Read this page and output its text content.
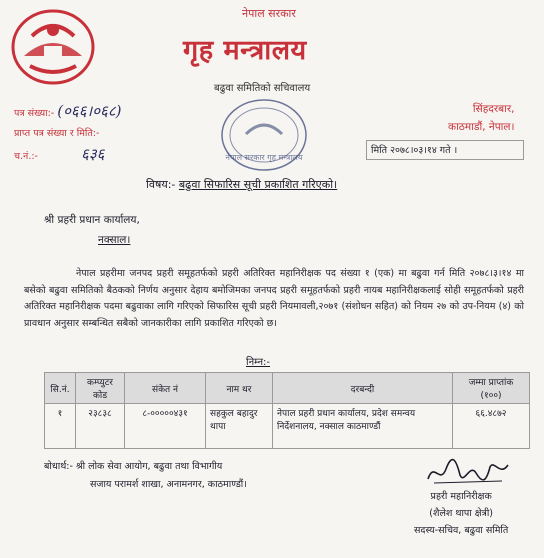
नेपाल सरकार
गृह मन्त्रालय
बढुवा समितिको सचिवालय
नेपाल सरकार गृह मन्त्रालय
पत्र संख्या:- (०६६।०६८)
प्राप्त पत्र संख्या र मिति:-
च.नं.:-	६३६
सिंहदरबार,
काठमाडौं, नेपाल।
मिति २०७८।०३।१४ गते ।
विषय:- बढुवा सिफारिस सूची प्रकाशित गरिएको।
श्री प्रहरी प्रधान कार्यालय,
नक्साल।
नेपाल प्रहरीमा जनपद प्रहरी समूहतर्फको प्रहरी अतिरिक्त महानिरीक्षक पद संख्या १ (एक) मा बढुवा गर्न मिति २०७८।३।१४ मा बसेको बढुवा समितिको बैठकको निर्णय अनुसार देहाय बमोजिमका जनपद प्रहरी समूहतर्फको प्रहरी नायब महानिरीक्षकलाई सोही समूहतर्फको प्रहरी अतिरिक्त महानिरीक्षक पदमा बढुवाका लागि गरिएको सिफारिस सूची प्रहरी नियमावली,२०७१ (संशोधन सहित) को नियम २७ को उप-नियम (४) को प्रावधान अनुसार सम्बन्धित सबैको जानकारीका लागि प्रकाशित गरिएको छ।
निम्न:-
सि.नं.	कम्प्युटर कोड	संकेत नं	नाम थर	दरबन्दी	जम्मा प्राप्तांक (१००)
१	२३८३८	८-०००००४३१	सहकुल बहादुर थापा	नेपाल प्रहरी प्रधान कार्यालय, प्रदेश समन्वय निर्देशनालय, नक्साल काठमाण्डौं	६६.४८७२
बोधार्थ:- श्री लोक सेवा आयोग, बढुवा तथा विभागीय
सजाय परामर्श शाखा, अनामनगर, काठमाण्डौं।
प्रहरी महानिरीक्षक
(शैलेश थापा क्षेत्री)
सदस्य-सचिव, बढुवा समिति
